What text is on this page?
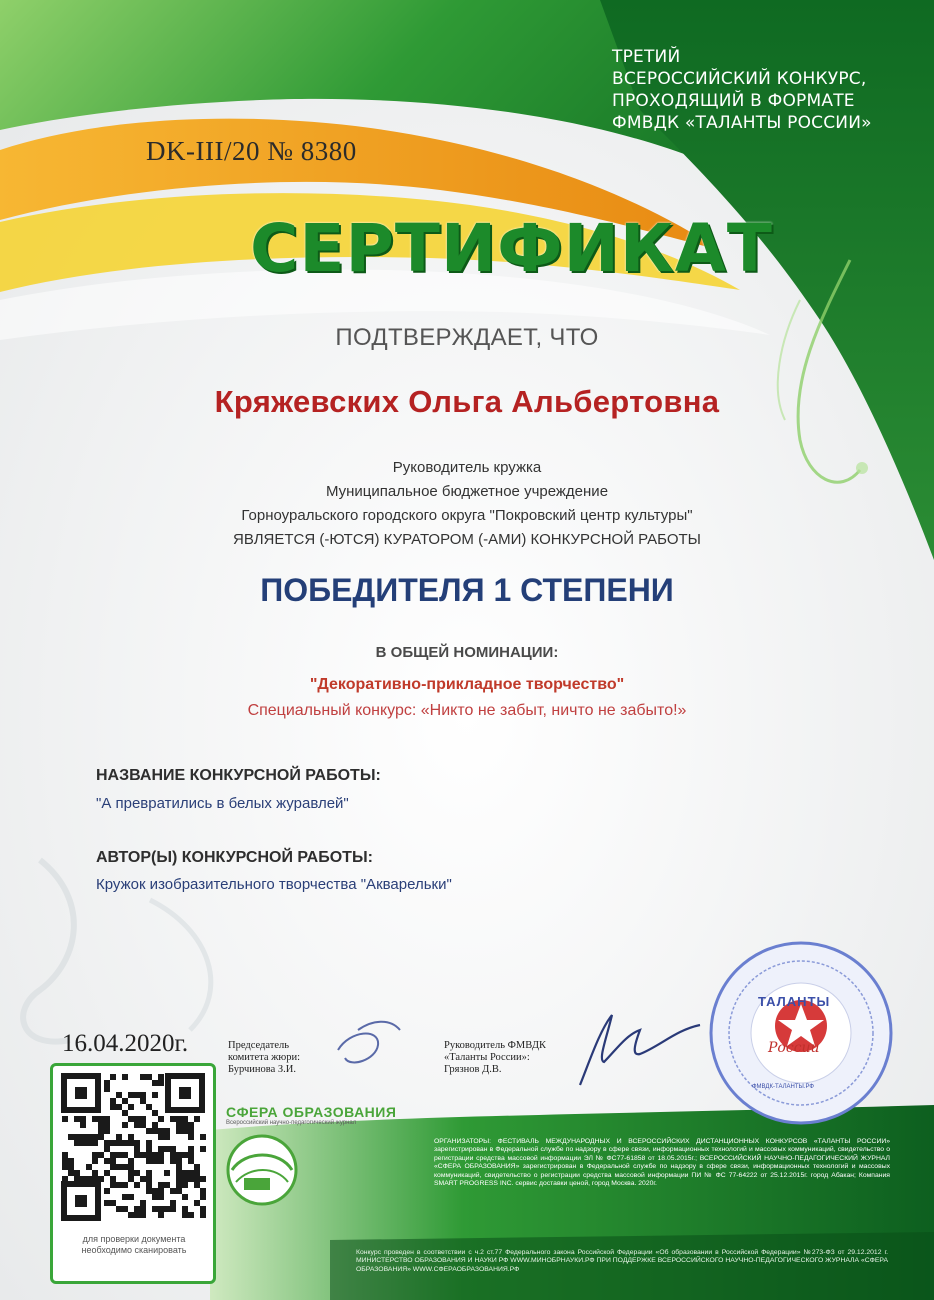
для проверки документа
необходимо сканировать
ТАЛАНТЫ
России
ФМВДК-ТАЛАНТЫ.РФ
ТРЕТИЙ
ВСЕРОССИЙСКИЙ КОНКУРС,
ПРОХОДЯЩИЙ В ФОРМАТЕ
ФМВДК «ТАЛАНТЫ РОССИИ»
DK-III/20 № 8380
СЕРТИФИКАТ
ПОДТВЕРЖДАЕТ, ЧТО
Кряжевских Ольга Альбертовна
Руководитель кружка
Муниципальное бюджетное учреждение
Горноуральского городского округа "Покровский центр культуры"
ЯВЛЯЕТСЯ (-ЮТСЯ) КУРАТОРОМ (-АМИ) КОНКУРСНОЙ РАБОТЫ
ПОБЕДИТЕЛЯ 1 СТЕПЕНИ
В ОБЩЕЙ НОМИНАЦИИ:
"Декоративно-прикладное творчество"
Специальный конкурс: «Никто не забыт, ничто не забыто!»
НАЗВАНИЕ КОНКУРСНОЙ РАБОТЫ:
"А превратились в белых журавлей"
АВТОР(Ы) КОНКУРСНОЙ РАБОТЫ:
Кружок изобразительного творчества "Акварельки"
16.04.2020г.	Председатель
комитета жюри:
Бурчинова З.И.
Руководитель ФМВДК
«Таланты России»:
Грязнов Д.В.
СФЕРА ОБРАЗОВАНИЯ
Всероссийский научно-педагогический журнал
ОРГАНИЗАТОРЫ: ФЕСТИВАЛЬ МЕЖДУНАРОДНЫХ И ВСЕРОССИЙСКИХ ДИСТАНЦИОННЫХ КОНКУРСОВ «ТАЛАНТЫ РОССИИ» зарегистрирован в Федеральной службе по надзору в сфере связи, информационных технологий и массовых коммуникаций, свидетельство о регистрации средства массовой информации ЭЛ № ФС77-61858 от 18.05.2015г.; ВСЕРОССИЙСКИЙ НАУЧНО-ПЕДАГОГИЧЕСКИЙ ЖУРНАЛ «СФЕРА ОБРАЗОВАНИЯ» зарегистрирован в Федеральной службе по надзору в сфере связи, информационных технологий и массовых коммуникаций, свидетельство о регистрации средства массовой информации ПИ № ФС 77-64222 от 25.12.2015г. город Абакан; Компания SMART PROGRESS INC. сервис доставки ценой, город Москва. 2020г.
Конкурс проведен в соответствии с ч.2 ст.77 Федерального закона Российской Федерации «Об образовании в Российской Федерации» №273-ФЗ от 29.12.2012 г. МИНИСТЕРСТВО ОБРАЗОВАНИЯ И НАУКИ РФ WWW.МИНОБРНАУКИ.РФ ПРИ ПОДДЕРЖКЕ ВСЕРОССИЙСКОГО НАУЧНО-ПЕДАГОГИЧЕСКОГО ЖУРНАЛА «СФЕРА ОБРАЗОВАНИЯ» WWW.СФЕРАОБРАЗОВАНИЯ.РФ
